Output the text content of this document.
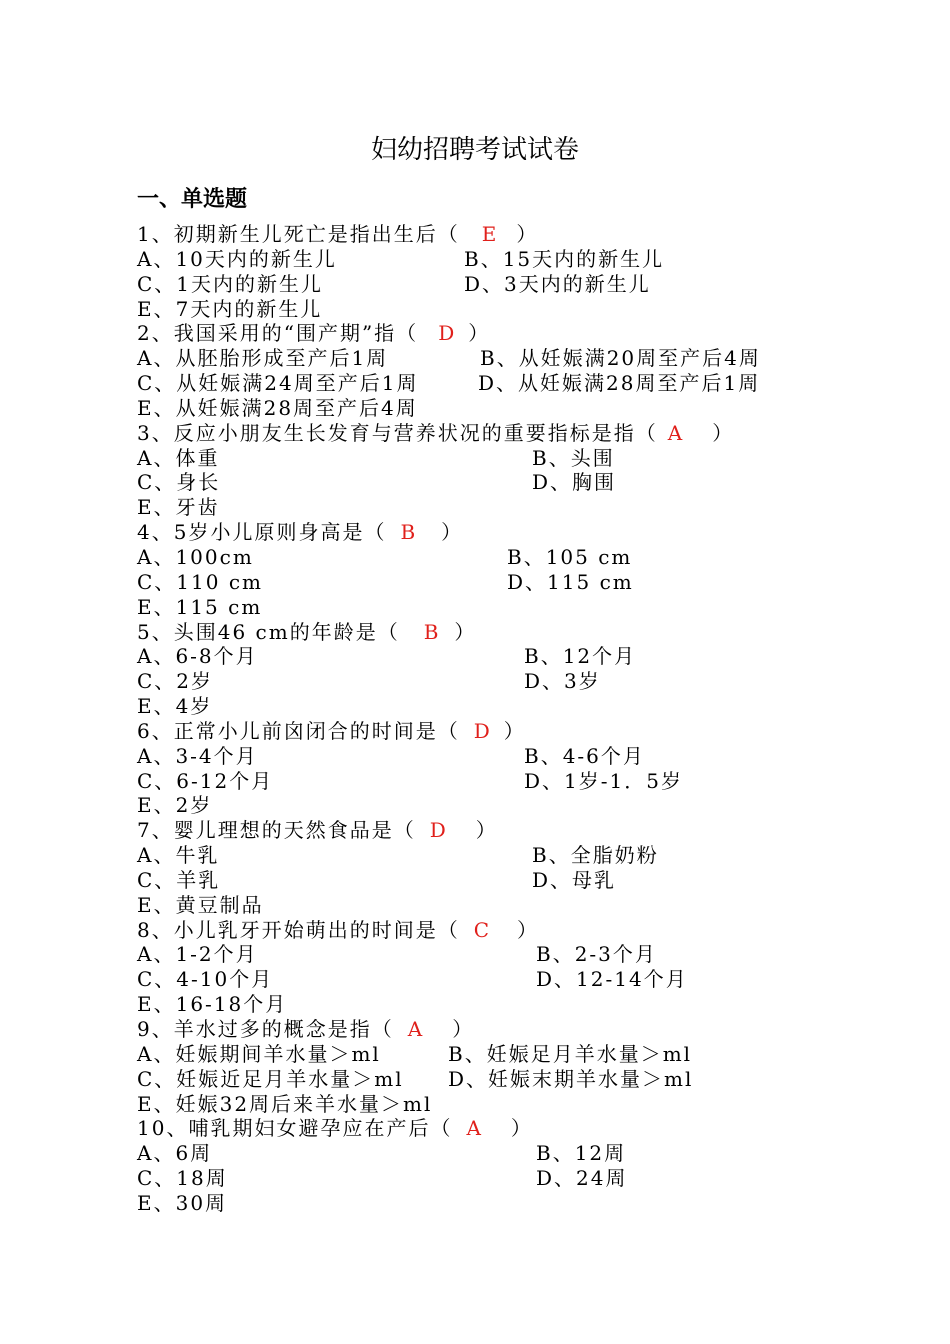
妇幼招聘考试试卷
一、单选题
1、初期新生儿死亡是指出生后（ E ）
A、10天内的新生儿	B、15天内的新生儿
C、1天内的新生儿	D、3天内的新生儿
E、7天内的新生儿
2、我国采用的“围产期”指（ D ）
A、从胚胎形成至产后1周	B、从妊娠满20周至产后4周
C、从妊娠满24周至产后1周	D、从妊娠满28周至产后1周
E、从妊娠满28周至产后4周
3、反应小朋友生长发育与营养状况的重要指标是指（ A ）
A、体重	B、头围
C、身长	D、胸围
E、牙齿
4、5岁小儿原则身高是（ B ）
A、100cm	B、105 cm
C、110 cm	D、115 cm
E、115 cm
5、头围46 cm的年龄是（ B ）
A、6-8个月	B、12个月
C、2岁	D、3岁
E、4岁
6、正常小儿前囟闭合的时间是（ D ）
A、3-4个月	B、4-6个月
C、6-12个月	D、1岁-1．5岁
E、2岁
7、婴儿理想的天然食品是（ D ）
A、牛乳	B、全脂奶粉
C、羊乳	D、母乳
E、黄豆制品
8、小儿乳牙开始萌出的时间是（ C ）
A、1-2个月	B、2-3个月
C、4-10个月	D、12-14个月
E、16-18个月
9、羊水过多的概念是指（ A ）
A、妊娠期间羊水量＞ml	B、妊娠足月羊水量＞ml
C、妊娠近足月羊水量＞ml D、妊娠末期羊水量＞ml
E、妊娠32周后来羊水量＞ml
10、哺乳期妇女避孕应在产后（ A ）
A、6周	B、12周
C、18周	D、24周
E、30周
